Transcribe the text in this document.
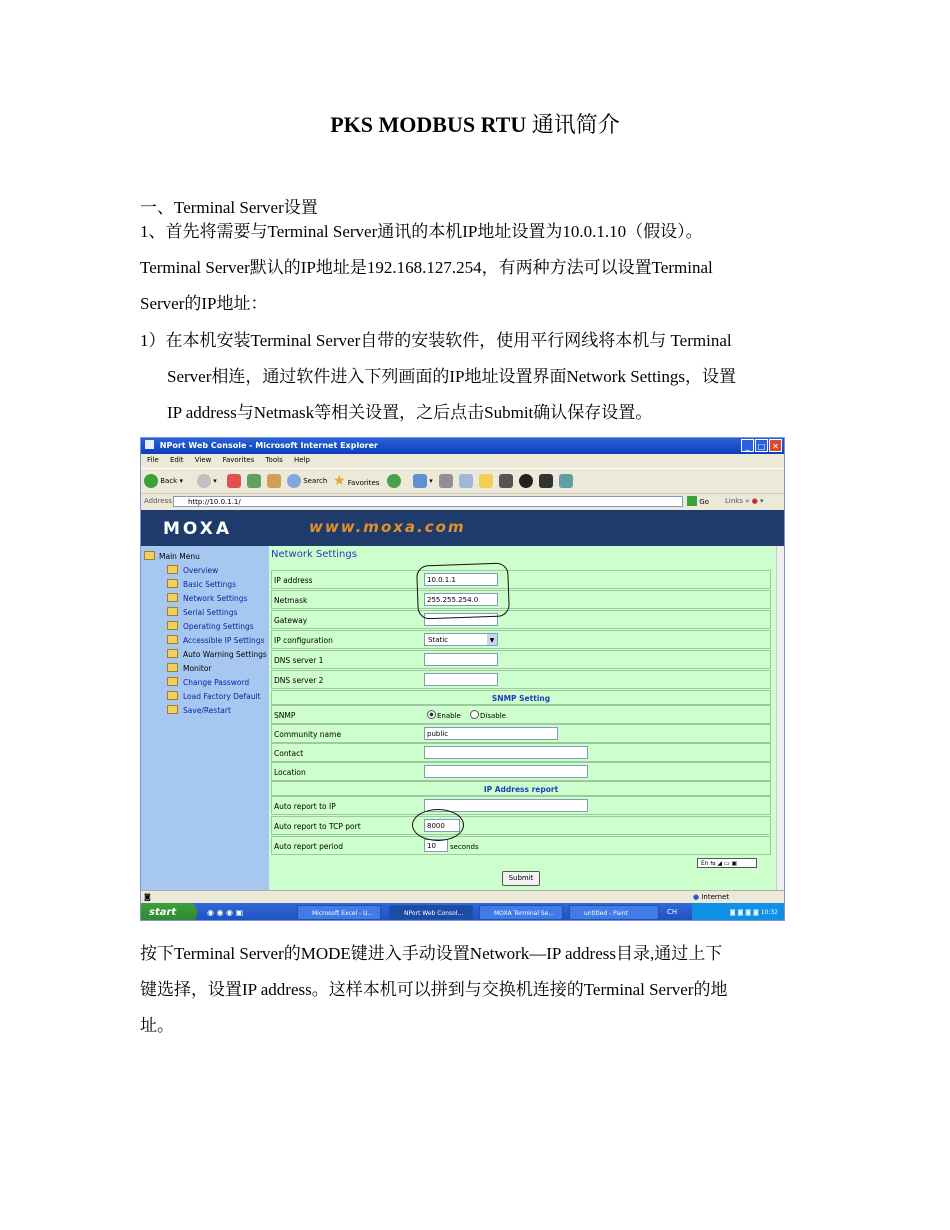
PKS MODBUS RTU 通讯简介
一、Terminal Server设置
1、首先将需要与Terminal Server通讯的本机IP地址设置为10.0.1.10（假设）。
Terminal Server默认的IP地址是192.168.127.254，有两种方法可以设置Terminal
Server的IP地址：
1）在本机安装Terminal Server自带的安装软件，使用平行网线将本机与 Terminal
Server相连，通过软件进入下列画面的IP地址设置界面Network Settings，设置
IP address与Netmask等相关设置，之后点击Submit确认保存设置。
NPort Web Console - Microsoft Internet Explorer	_ □ ✕
File Edit View Favorites Tools Help
Back ▾	▾	Search ★ Favorites	▾
Address	http://10.0.1.1/	Go Links » ● ▾
MOXA	www.moxa.com
Main Menu
Overview
Basic Settings
Network Settings
Serial Settings
Operating Settings
Accessible IP Settings
Auto Warning Settings
Monitor
Change Password
Load Factory Default
Save/Restart
Network Settings
IP address	10.0.1.1
Netmask	255.255.254.0
Gateway
IP configuration	Static	▼
DNS server 1
DNS server 2
SNMP Setting
SNMP	Enable	Disable
Community name	public
Contact
Location
IP Address report
Auto report to IP
Auto report to TCP port	8000
Auto report period	10	seconds
En ⇆ ◢ ▭ ▣
Submit
◙	● Internet
start	◉ ◉ ◉ ▣	Microsoft Excel - U...	NPort Web Consol...	MOXA Terminal Se...	untitled - Paint	CH	◙ ◙ ◙ ◙ 10:32
按下Terminal Server的MODE键进入手动设置Network—IP address目录,通过上下
键选择，设置IP address。这样本机可以拼到与交换机连接的Terminal Server的地
址。
